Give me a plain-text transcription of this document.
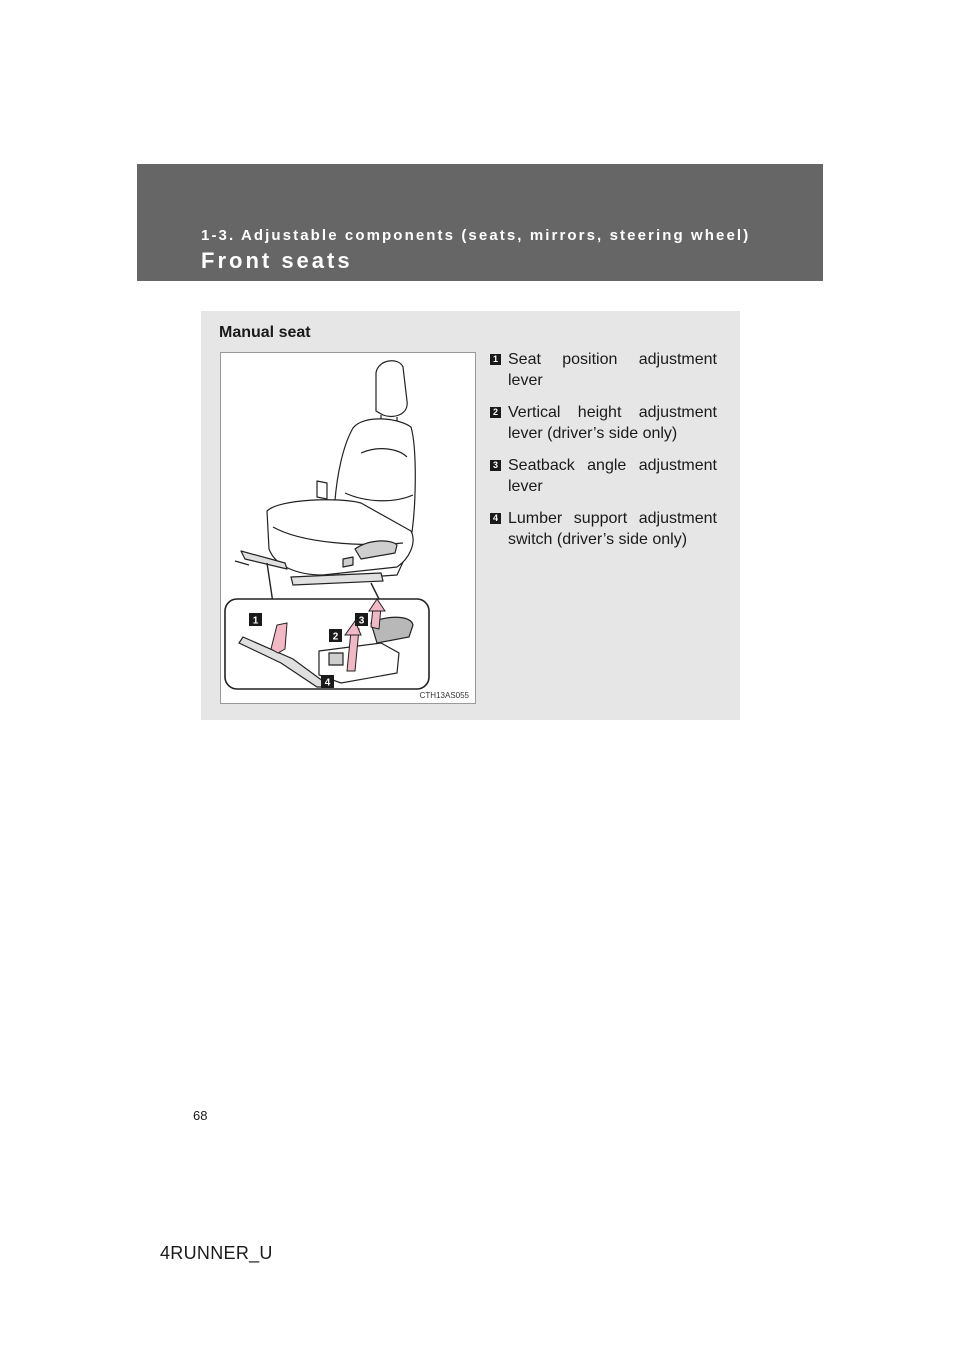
1-3. Adjustable components (seats, mirrors, steering wheel)
Front seats
Manual seat
1
2
3
4
CTH13AS055
1 Seat position adjustment lever
2 Vertical height adjustment lever (driver’s side only)
3 Seatback angle adjustment lever
4 Lumber support adjustment switch (driver’s side only)
68
4RUNNER_U
